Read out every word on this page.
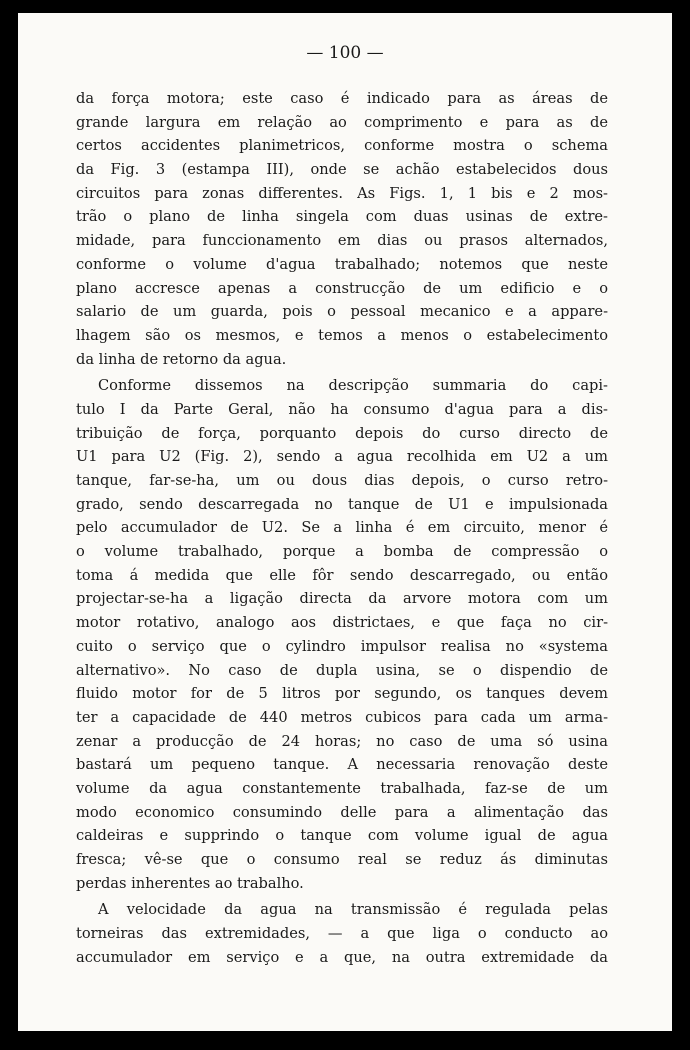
— 100 —
da força motora; este caso é indicado para as áreas de
grande largura em relação ao comprimento e para as de
certos accidentes planimetricos, conforme mostra o schema
da Fig. 3 (estampa III), onde se achão estabelecidos dous
circuitos para zonas differentes. As Figs. 1, 1 bis e 2 mos-
trão o plano de linha singela com duas usinas de extre-
midade, para funccionamento em dias ou prasos alternados,
conforme o volume d'agua trabalhado; notemos que neste
plano accresce apenas a construcção de um edificio e o
salario de um guarda, pois o pessoal mecanico e a appare-
lhagem são os mesmos, e temos a menos o estabelecimento
da linha de retorno da agua.
Conforme dissemos na descripção summaria do capi-
tulo I da Parte Geral, não ha consumo d'agua para a dis-
tribuição de força, porquanto depois do curso directo de
U1 para U2 (Fig. 2), sendo a agua recolhida em U2 a um
tanque, far-se-ha, um ou dous dias depois, o curso retro-
grado, sendo descarregada no tanque de U1 e impulsionada
pelo accumulador de U2. Se a linha é em circuito, menor é
o volume trabalhado, porque a bomba de compressão o
toma á medida que elle fôr sendo descarregado, ou então
projectar-se-ha a ligação directa da arvore motora com um
motor rotativo, analogo aos districtaes, e que faça no cir-
cuito o serviço que o cylindro impulsor realisa no «systema
alternativo». No caso de dupla usina, se o dispendio de
fluido motor for de 5 litros por segundo, os tanques devem
ter a capacidade de 440 metros cubicos para cada um arma-
zenar a producção de 24 horas; no caso de uma só usina
bastará um pequeno tanque. A necessaria renovação deste
volume da agua constantemente trabalhada, faz-se de um
modo economico consumindo delle para a alimentação das
caldeiras e supprindo o tanque com volume igual de agua
fresca; vê-se que o consumo real se reduz ás diminutas
perdas inherentes ao trabalho.
A velocidade da agua na transmissão é regulada pelas
torneiras das extremidades, — a que liga o conducto ao
accumulador em serviço e a que, na outra extremidade da
